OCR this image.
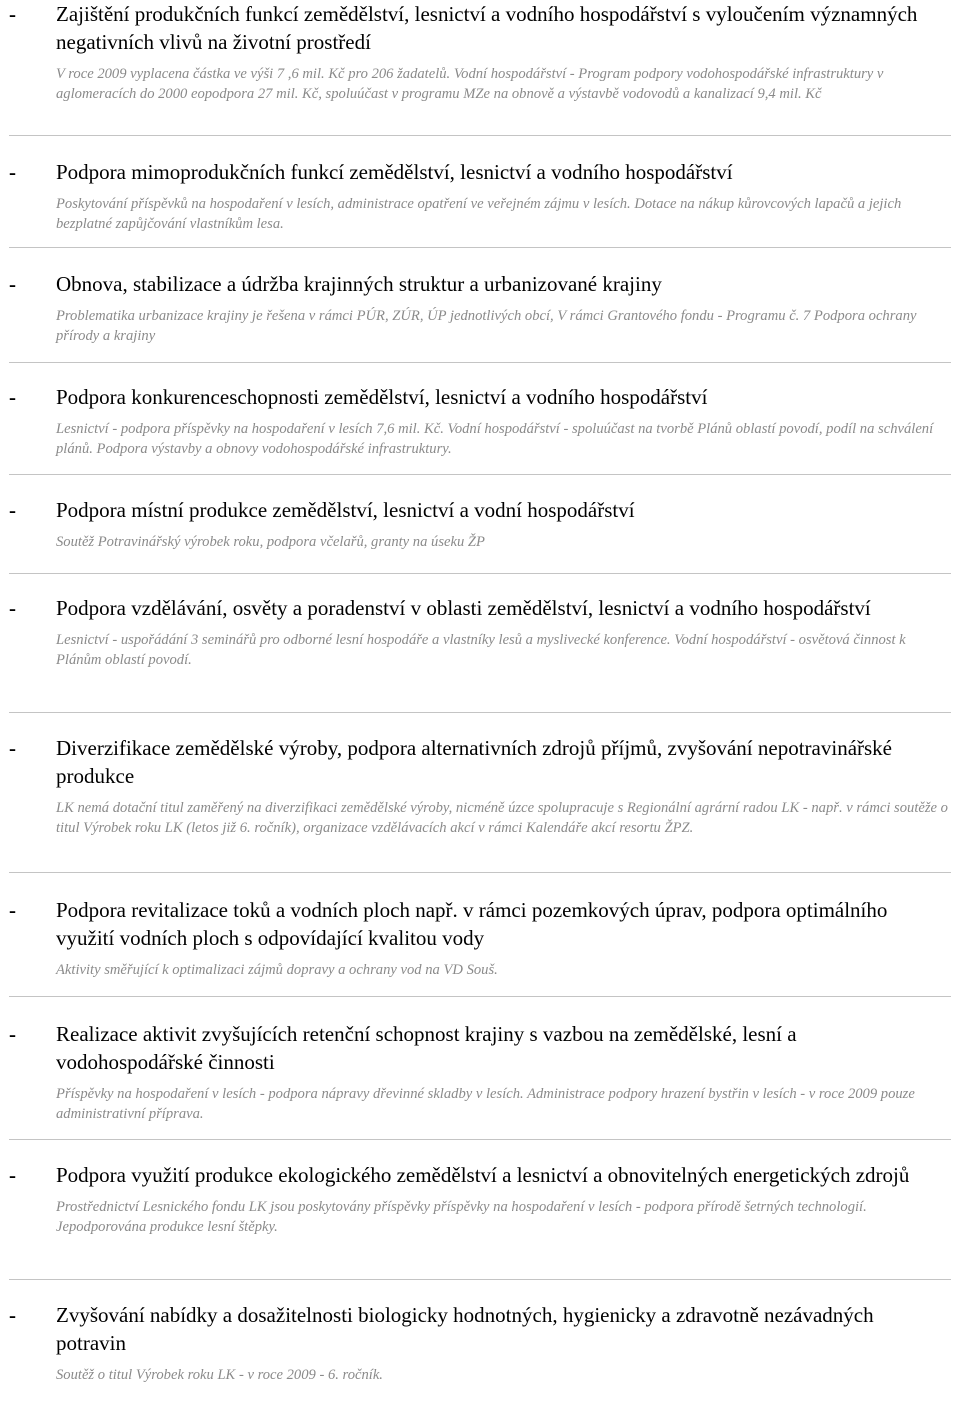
- Zajištění produkčních funkcí zemědělství, lesnictví a vodního hospodářství s vyloučením významných negativních vlivů na životní prostředí
V roce 2009 vyplacena částka ve výši 7 ,6 mil. Kč pro 206 žadatelů. Vodní hospodářství - Program podpory vodohospodářské infrastruktury v aglomeracích do 2000 eopodpora 27 mil. Kč, spoluúčast v programu MZe na obnově a výstavbě vodovodů a kanalizací 9,4 mil. Kč
- Podpora mimoprodukčních funkcí zemědělství, lesnictví a vodního hospodářství
Poskytování příspěvků na hospodaření v lesích, administrace opatření ve veřejném zájmu v lesích. Dotace na nákup kůrovcových lapačů a jejich bezplatné zapůjčování vlastníkům lesa.
- Obnova, stabilizace a údržba krajinných struktur a urbanizované krajiny
Problematika urbanizace krajiny je řešena v rámci PÚR, ZÚR, ÚP jednotlivých obcí, V rámci Grantového fondu - Programu č. 7 Podpora ochrany přírody a krajiny
- Podpora konkurenceschopnosti zemědělství, lesnictví a vodního hospodářství
Lesnictví - podpora příspěvky na hospodaření v lesích 7,6 mil. Kč. Vodní hospodářství - spoluúčast na tvorbě Plánů oblastí povodí, podíl na schválení plánů. Podpora výstavby a obnovy vodohospodářské infrastruktury.
- Podpora místní produkce zemědělství, lesnictví a vodní hospodářství
Soutěž Potravinářský výrobek roku, podpora včelařů, granty na úseku ŽP
- Podpora vzdělávání, osvěty a poradenství v oblasti zemědělství, lesnictví a vodního hospodářství
Lesnictví - uspořádání 3 seminářů pro odborné lesní hospodáře a vlastníky lesů a myslivecké konference. Vodní hospodářství - osvětová činnost k Plánům oblastí povodí.
- Diverzifikace zemědělské výroby, podpora alternativních zdrojů příjmů, zvyšování nepotravinářské produkce
LK nemá dotační titul zaměřený na diverzifikaci zemědělské výroby, nicméně úzce spolupracuje s Regionální agrární radou LK - např. v rámci soutěže o titul Výrobek roku LK (letos již 6. ročník), organizace vzdělávacích akcí v rámci Kalendáře akcí resortu ŽPZ.
- Podpora revitalizace toků a vodních ploch např. v rámci pozemkových úprav, podpora optimálního využití vodních ploch s odpovídající kvalitou vody
Aktivity směřující k optimalizaci zájmů dopravy a ochrany vod na VD Souš.
- Realizace aktivit zvyšujících retenční schopnost krajiny s vazbou na zemědělské, lesní a vodohospodářské činnosti
Příspěvky na hospodaření v lesích - podpora nápravy dřevinné skladby v lesích. Administrace podpory hrazení bystřin v lesích - v roce 2009 pouze administrativní příprava.
- Podpora využití produkce ekologického zemědělství a lesnictví a obnovitelných energetických zdrojů
Prostřednictví Lesnického fondu LK jsou poskytovány příspěvky příspěvky na hospodaření v lesích - podpora přírodě šetrných technologií. Jepodporována produkce lesní štěpky.
- Zvyšování nabídky a dosažitelnosti biologicky hodnotných, hygienicky a zdravotně nezávadných potravin
Soutěž o titul Výrobek roku LK - v roce 2009 - 6. ročník.
